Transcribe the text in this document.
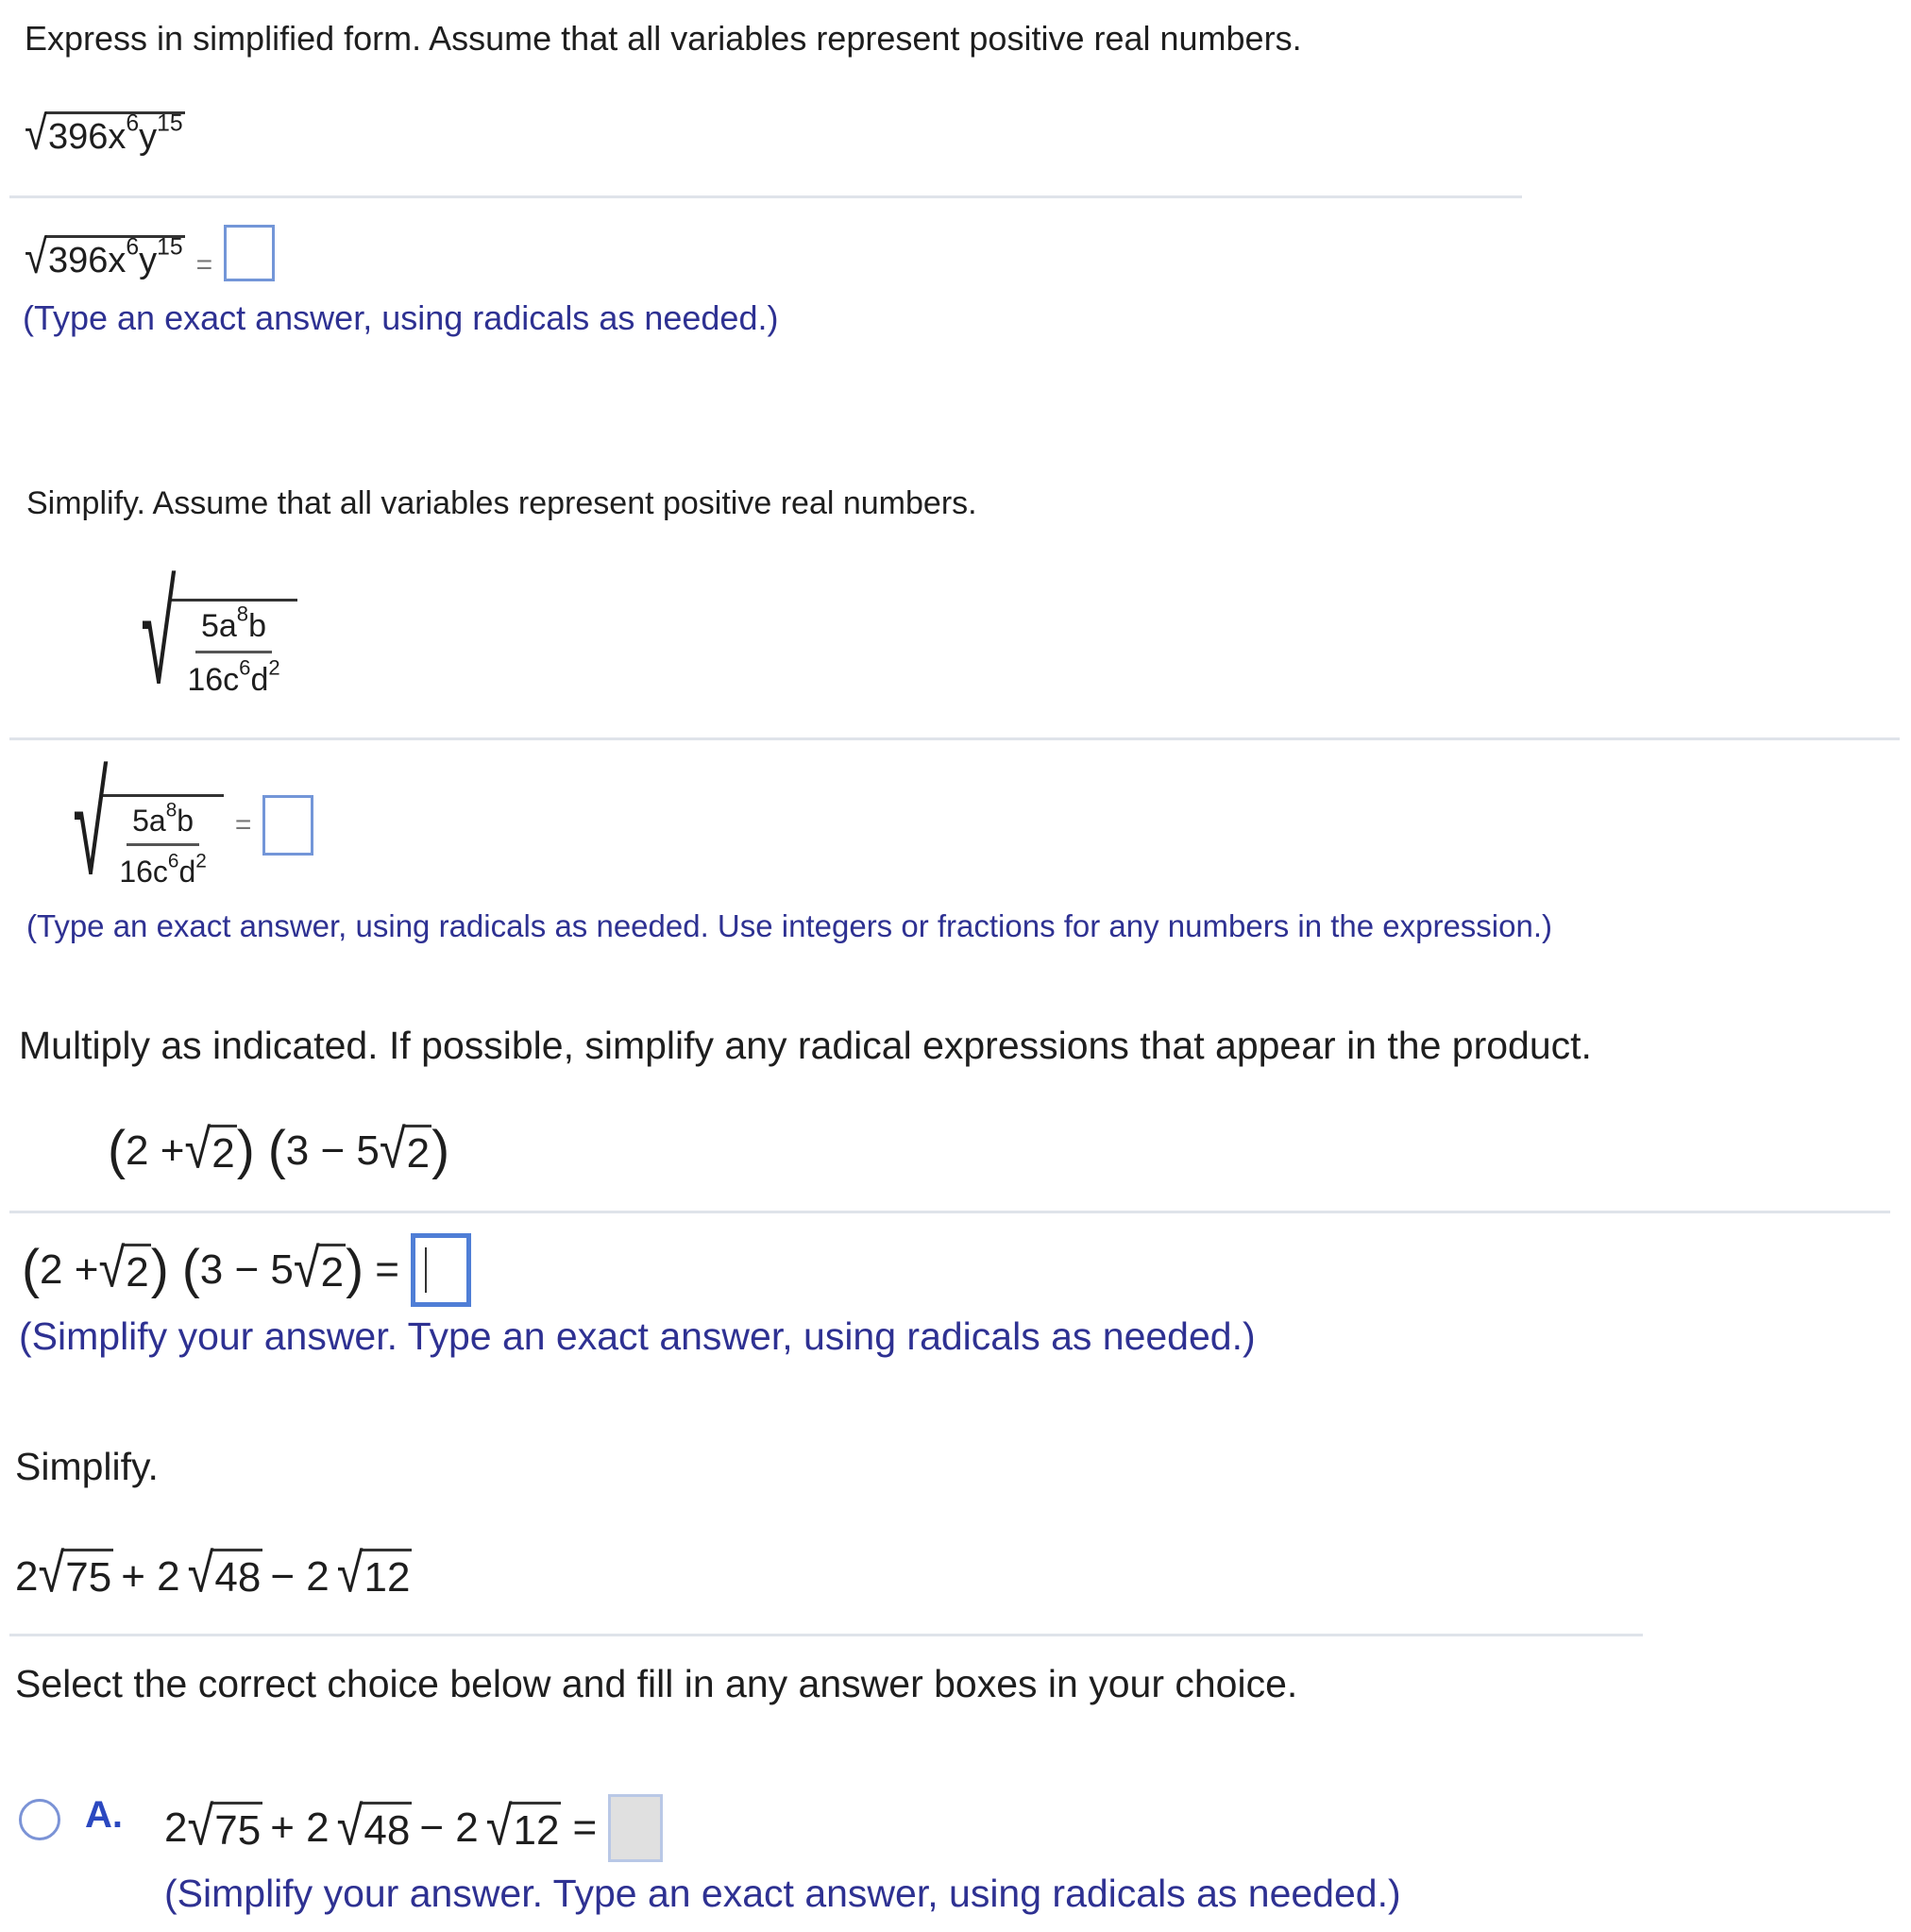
Express in simplified form. Assume that all variables represent positive real numbers.
√ $396x^6y^{15}$
√ $396x^6y^{15}$
=
(Type an exact answer, using radicals as needed.)
Simplify. Assume that all variables represent positive real numbers.
√
$\frac{5a^8b}{16c^6d^2}$
√
$\frac{5a^8b}{16c^6d^2}$ =
(Type an exact answer, using radicals as needed. Use integers or fractions for any numbers in the expression.)
Multiply as indicated. If possible, simplify any radical expressions that appear in the product.
( 2 + √ 2 ) ( 3 − 5 √ 2 )
( 2 + √ 2 ) ( 3 − 5 √ 2 ) =
(Simplify your answer. Type an exact answer, using radicals as needed.)
Simplify.
2 √ 75 + 2 √ 48 − 2 √ 12
Select the correct choice below and fill in any answer boxes in your choice.
A. 2 √ 75 + 2 √ 48 − 2 √ 12 =
(Simplify your answer. Type an exact answer, using radicals as needed.)
